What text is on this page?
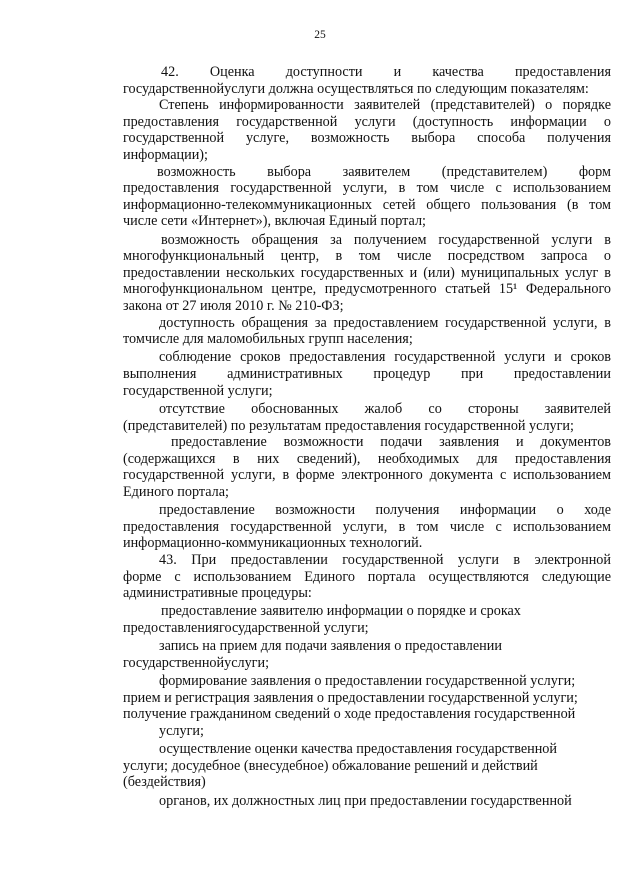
25
42. Оценка доступности и качества предоставления
государственнойуслуги должна осуществляться по следующим показателям:
Степень информированности заявителей (представителей) о порядке
предоставления государственной услуги (доступность информации о
государственной услуге, возможность выбора способа получения
информации);
возможность выбора заявителем (представителем) форм
предоставления государственной услуги, в том числе с использованием
информационно-телекоммуникационных сетей общего пользования (в том
числе сети «Интернет»), включая Единый портал;
возможность обращения за получением государственной услуги в
многофункциональный центр, в том числе посредством запроса о
предоставлении нескольких государственных и (или) муниципальных услуг в
многофункциональном центре, предусмотренного статьей 15¹ Федерального
закона от 27 июля 2010 г. № 210-ФЗ;
доступность обращения за предоставлением государственной услуги, в
томчисле для маломобильных групп населения;
соблюдение сроков предоставления государственной услуги и сроков
выполнения административных процедур при предоставлении
государственной услуги;
отсутствие обоснованных жалоб со стороны заявителей
(представителей) по результатам предоставления государственной услуги;
предоставление возможности подачи заявления и документов
(содержащихся в них сведений), необходимых для предоставления
государственной услуги, в форме электронного документа с использованием
Единого портала;
предоставление возможности получения информации о ходе
предоставления государственной услуги, в том числе с использованием
информационно-коммуникационных технологий.
43. При предоставлении государственной услуги в электронной
форме с использованием Единого портала осуществляются следующие
административные процедуры:
предоставление заявителю информации о порядке и сроках
предоставлениягосударственной услуги;
запись на прием для подачи заявления о предоставлении
государственнойуслуги;
формирование заявления о предоставлении государственной услуги;
прием и регистрация заявления о предоставлении государственной услуги;
получение гражданином сведений о ходе предоставления государственной
услуги;
осуществление оценки качества предоставления государственной
услуги; досудебное (внесудебное) обжалование решений и действий
(бездействия)
органов, их должностных лиц при предоставлении государственной
